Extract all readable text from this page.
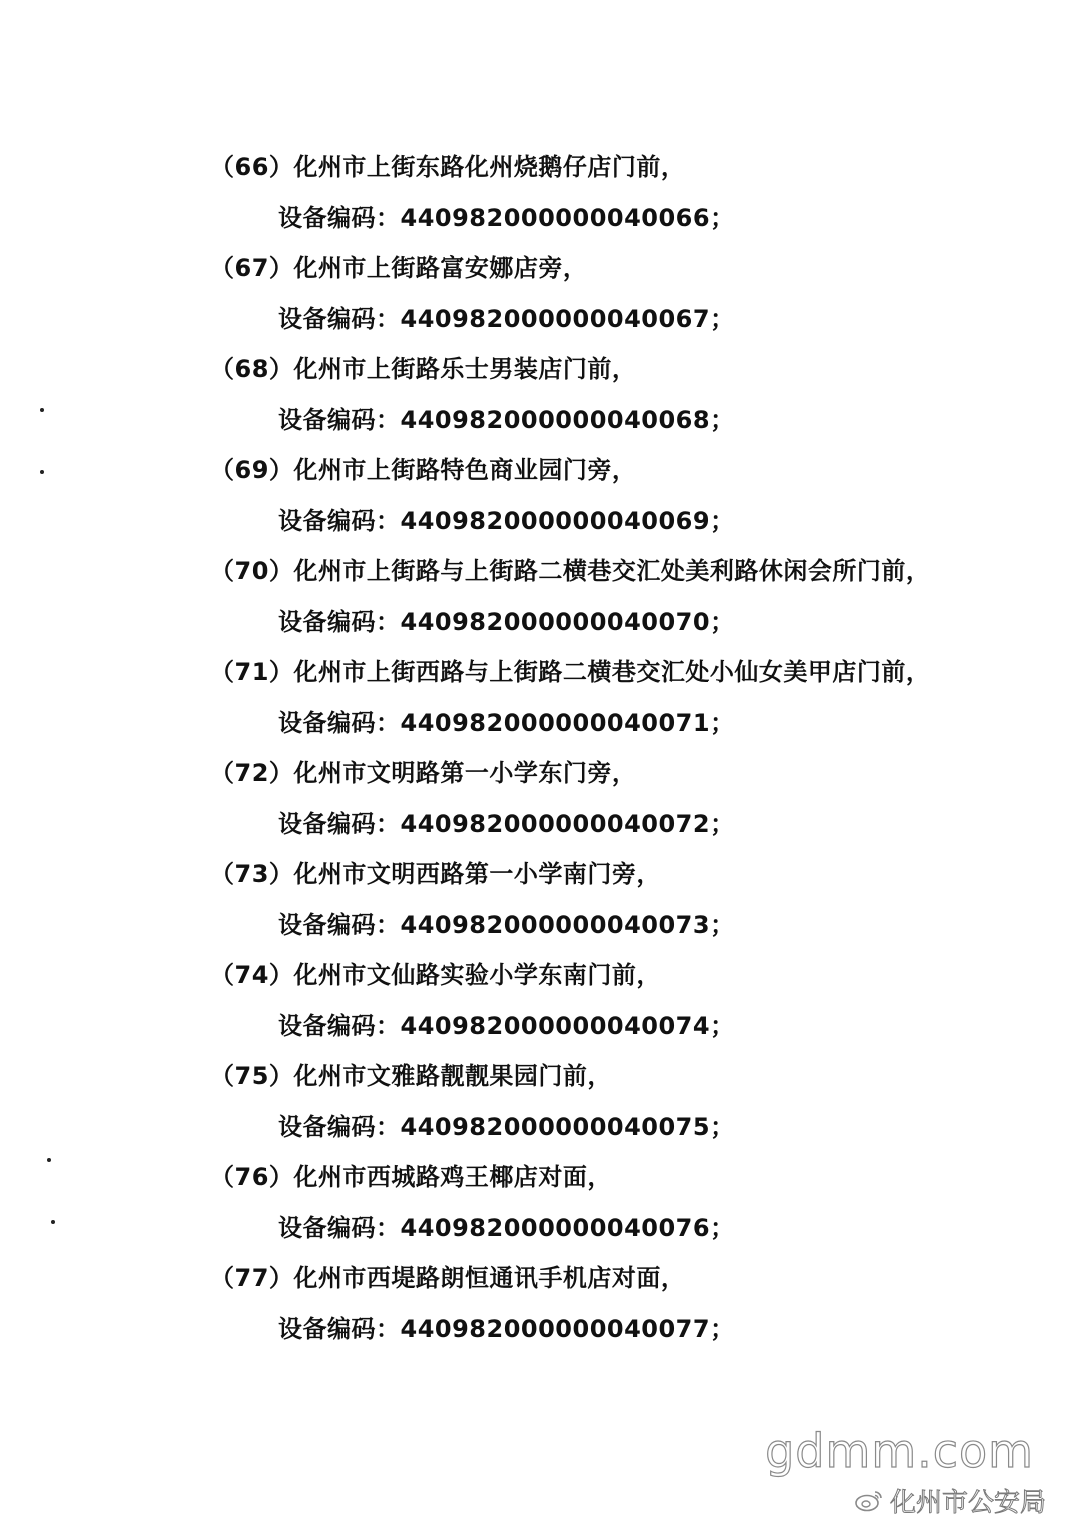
（66）化州市上街东路化州烧鹅仔店门前，
设备编码：440982000000040066；
（67）化州市上街路富安娜店旁，
设备编码：440982000000040067；
（68）化州市上街路乐士男装店门前，
设备编码：440982000000040068；
（69）化州市上街路特色商业园门旁，
设备编码：440982000000040069；
（70）化州市上街路与上街路二横巷交汇处美利路休闲会所门前，
设备编码：440982000000040070；
（71）化州市上街西路与上街路二横巷交汇处小仙女美甲店门前，
设备编码：440982000000040071；
（72）化州市文明路第一小学东门旁，
设备编码：440982000000040072；
（73）化州市文明西路第一小学南门旁，
设备编码：440982000000040073；
（74）化州市文仙路实验小学东南门前，
设备编码：440982000000040074；
（75）化州市文雅路靓靓果园门前，
设备编码：440982000000040075；
（76）化州市西城路鸡王椰店对面，
设备编码：440982000000040076；
（77）化州市西堤路朗恒通讯手机店对面，
设备编码：440982000000040077；
gdmm.com
化州市公安局
